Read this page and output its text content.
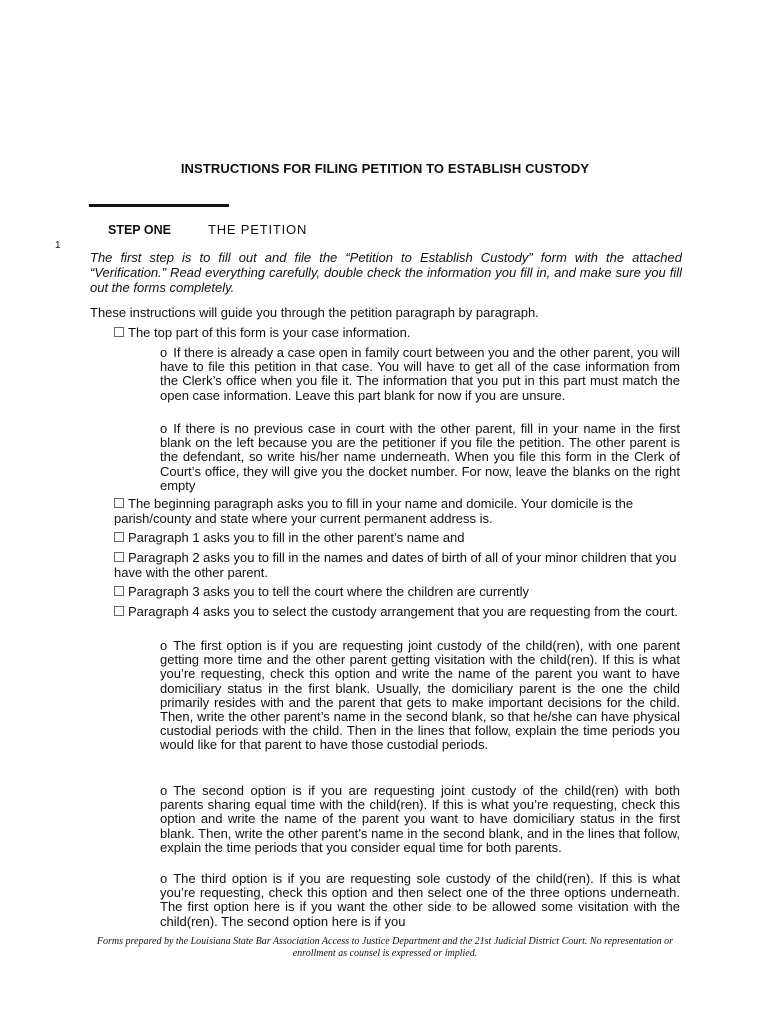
INSTRUCTIONS FOR FILING PETITION TO ESTABLISH CUSTODY
STEP ONE	THE PETITION
1
The first step is to fill out and file the “Petition to Establish Custody” form with the attached “Verification.” Read everything carefully, double check the information you fill in, and make sure you fill out the forms completely.
These instructions will guide you through the petition paragraph by paragraph.
The top part of this form is your case information.
o If there is already a case open in family court between you and the other parent, you will have to file this petition in that case. You will have to get all of the case information from the Clerk’s office when you file it. The information that you put in this part must match the open case information. Leave this part blank for now if you are unsure.
o If there is no previous case in court with the other parent, fill in your name in the first blank on the left because you are the petitioner if you file the petition. The other parent is the defendant, so write his/her name underneath. When you file this form in the Clerk of Court’s office, they will give you the docket number. For now, leave the blanks on the right empty
The beginning paragraph asks you to fill in your name and domicile. Your domicile is the parish/county and state where your current permanent address is.
Paragraph 1 asks you to fill in the other parent’s name and
Paragraph 2 asks you to fill in the names and dates of birth of all of your minor children that you have with the other parent.
Paragraph 3 asks you to tell the court where the children are currently
Paragraph 4 asks you to select the custody arrangement that you are requesting from the court.
o The first option is if you are requesting joint custody of the child(ren), with one parent getting more time and the other parent getting visitation with the child(ren). If this is what you’re requesting, check this option and write the name of the parent you want to have domiciliary status in the first blank. Usually, the domiciliary parent is the one the child primarily resides with and the parent that gets to make important decisions for the child. Then, write the other parent’s name in the second blank, so that he/she can have physical custodial periods with the child. Then in the lines that follow, explain the time periods you would like for that parent to have those custodial periods.
o The second option is if you are requesting joint custody of the child(ren) with both parents sharing equal time with the child(ren). If this is what you’re requesting, check this option and write the name of the parent you want to have domiciliary status in the first blank. Then, write the other parent’s name in the second blank, and in the lines that follow, explain the time periods that you consider equal time for both parents.
o The third option is if you are requesting sole custody of the child(ren). If this is what you’re requesting, check this option and then select one of the three options underneath. The first option here is if you want the other side to be allowed some visitation with the child(ren). The second option here is if you
Forms prepared by the Louisiana State Bar Association Access to Justice Department and the 21st Judicial District Court. No representation or enrollment as counsel is expressed or implied.
